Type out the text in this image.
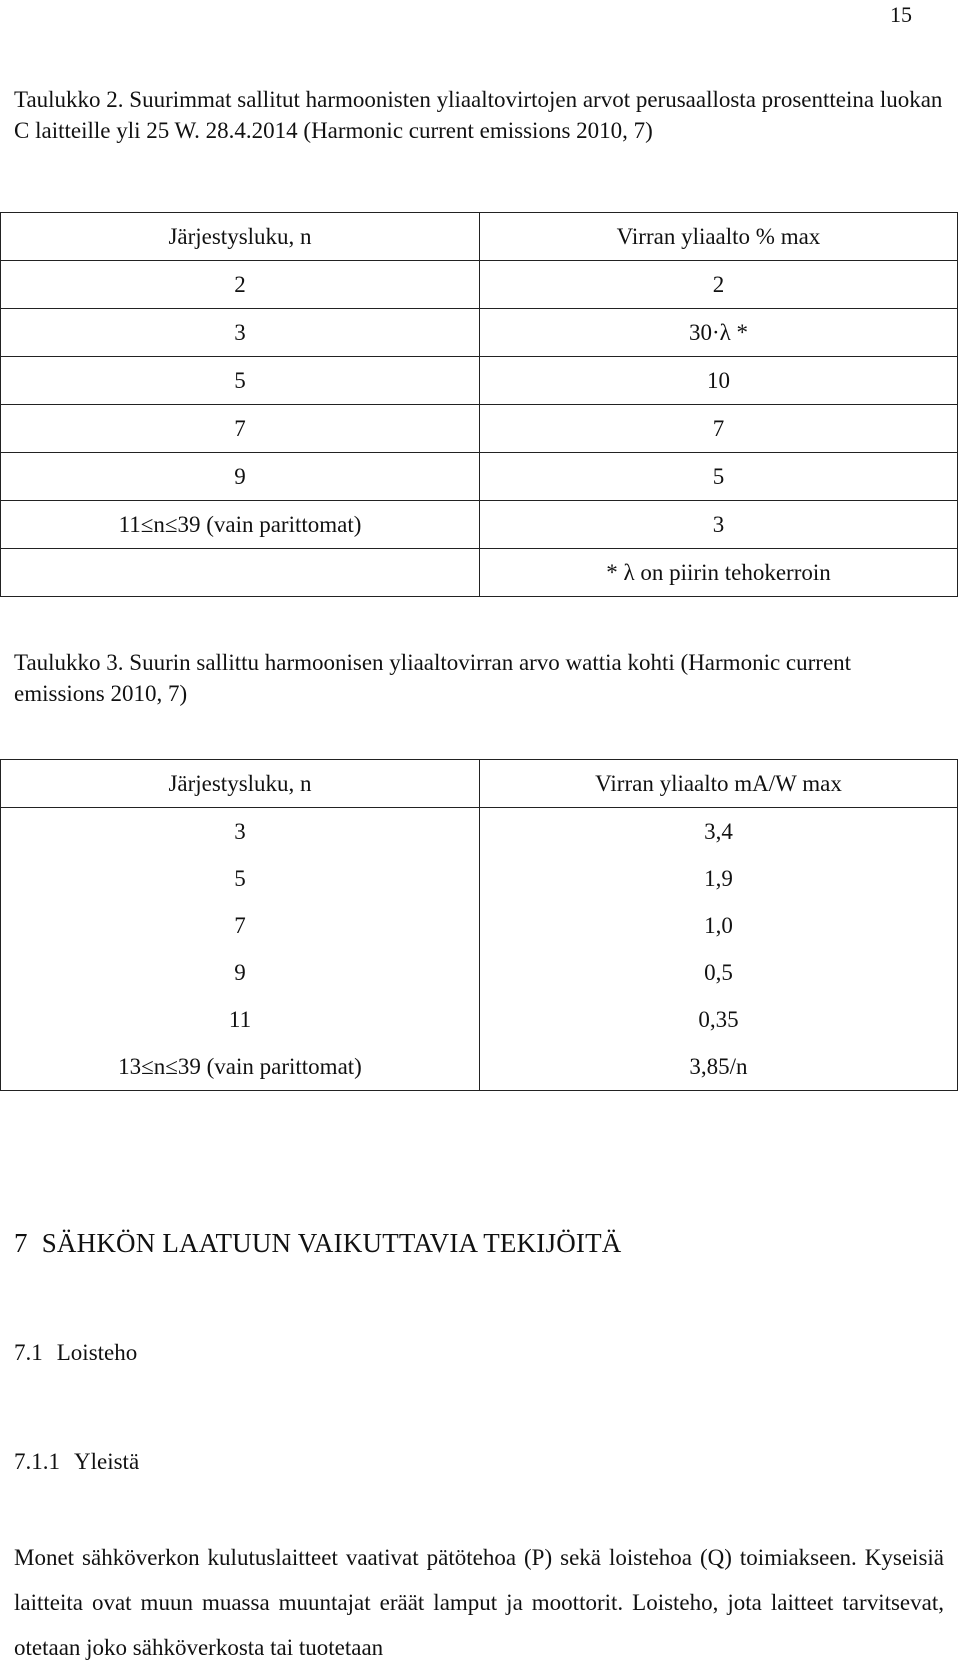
15

Taulukko 2. Suurimmat sallitut harmoonisten yliaaltovirtojen arvot perusaallosta prosentteina luokan C laitteille yli 25 W. 28.4.2014 (Harmonic current emissions 2010, 7)

Järjestysluku, n	Virran yliaalto % max
2	2
3	30·λ *
5	10
7	7
9	5
11≤n≤39 (vain parittomat)	3
	* λ on piirin tehokerroin

Taulukko 3. Suurin sallittu harmoonisen yliaaltovirran arvo wattia kohti (Harmonic current emissions 2010, 7)

Järjestysluku, n	Virran yliaalto mA/W max
3	3,4
5	1,9
7	1,0
9	0,5
11	0,35
13≤n≤39 (vain parittomat)	3,85/n
7 SÄHKÖN LAATUUN VAIKUTTAVIA TEKIJÖITÄ
7.1 Loisteho
7.1.1 Yleistä

Monet sähköverkon kulutuslaitteet vaativat pätötehoa (P) sekä loistehoa (Q) toimiakseen. Kyseisiä laitteita ovat muun muassa muuntajat eräät lamput ja moottorit. Loisteho, jota laitteet tarvitsevat, otetaan joko sähköverkosta tai tuotetaan
